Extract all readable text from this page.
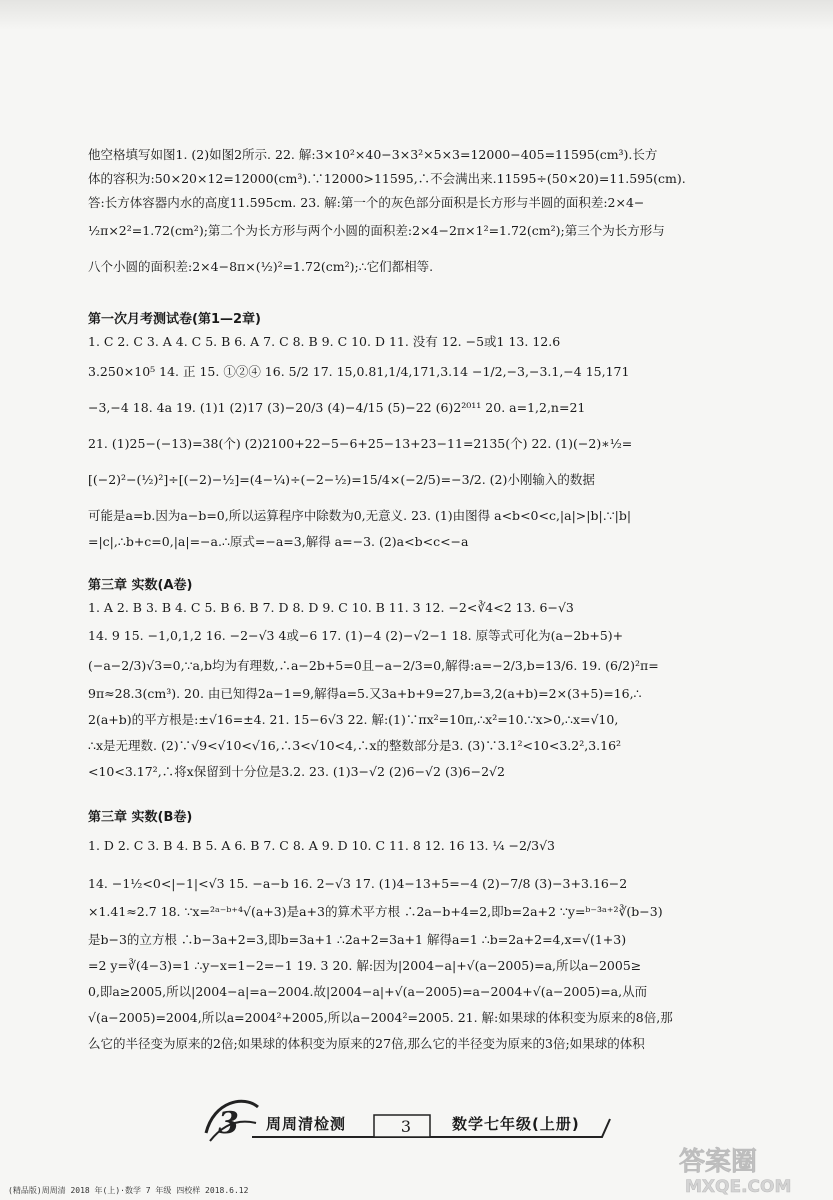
他空格填写如图1. (2)如图2所示. 22. 解:3×10²×40−3×3²×5×3=12000−405=11595(cm³).长方
体的容积为:50×20×12=12000(cm³).∵12000>11595,∴不会满出来.11595÷(50×20)=11.595(cm).
答:长方体容器内水的高度11.595cm. 23. 解:第一个的灰色部分面积是长方形与半圆的面积差:2×4−
½π×2²=1.72(cm²);第二个为长方形与两个小圆的面积差:2×4−2π×1²=1.72(cm²);第三个为长方形与
八个小圆的面积差:2×4−8π×(½)²=1.72(cm²);∴它们都相等.
第一次月考测试卷(第1—2章)
1. C 2. C 3. A 4. C 5. B 6. A 7. C 8. B 9. C 10. D 11. 没有 12. −5或1 13. 12.6
3.250×10⁵ 14. 正 15. ①②④ 16. 5/2 17. 15,0.81,1/4,171,3.14 −1/2,−3,−3.1,−4 15,171
−3,−4 18. 4a 19. (1)1 (2)17 (3)−20/3 (4)−4/15 (5)−22 (6)2²⁰¹¹ 20. a=1,2,n=21
21. (1)25−(−13)=38(个) (2)2100+22−5−6+25−13+23−11=2135(个) 22. (1)(−2)∗½=
[(−2)²−(½)²]÷[(−2)−½]=(4−¼)÷(−2−½)=15/4×(−2/5)=−3/2. (2)小刚输入的数据
可能是a=b.因为a−b=0,所以运算程序中除数为0,无意义. 23. (1)由图得 a<b<0<c,|a|>|b|.∵|b|
=|c|,∴b+c=0,|a|=−a.∴原式=−a=3,解得 a=−3. (2)a<b<c<−a
第三章 实数(A卷)
1. A 2. B 3. B 4. C 5. B 6. B 7. D 8. D 9. C 10. B 11. 3 12. −2<∛4<2 13. 6−√3
14. 9 15. −1,0,1,2 16. −2−√3 4或−6 17. (1)−4 (2)−√2−1 18. 原等式可化为(a−2b+5)+
(−a−2/3)√3=0,∵a,b均为有理数,∴a−2b+5=0且−a−2/3=0,解得:a=−2/3,b=13/6. 19. (6/2)²π=
9π≈28.3(cm³). 20. 由已知得2a−1=9,解得a=5.又3a+b+9=27,b=3,2(a+b)=2×(3+5)=16,∴
2(a+b)的平方根是:±√16=±4. 21. 15−6√3 22. 解:(1)∵πx²=10π,∴x²=10.∵x>0,∴x=√10,
∴x是无理数. (2)∵√9<√10<√16,∴3<√10<4,∴x的整数部分是3. (3)∵3.1²<10<3.2²,3.16²
<10<3.17²,∴将x保留到十分位是3.2. 23. (1)3−√2 (2)6−√2 (3)6−2√2
第三章 实数(B卷)
1. D 2. C 3. B 4. B 5. A 6. B 7. C 8. A 9. D 10. C 11. 8 12. 16 13. ¼ −2/3√3
14. −1½<0<|−1|<√3 15. −a−b 16. 2−√3 17. (1)4−13+5=−4 (2)−7/8 (3)−3+3.16−2
×1.41≈2.7 18. ∵x=²ᵃ⁻ᵇ⁺⁴√(a+3)是a+3的算术平方根 ∴2a−b+4=2,即b=2a+2 ∵y=ᵇ⁻³ᵃ⁺²∛(b−3)
是b−3的立方根 ∴b−3a+2=3,即b=3a+1 ∴2a+2=3a+1 解得a=1 ∴b=2a+2=4,x=√(1+3)
=2 y=∛(4−3)=1 ∴y−x=1−2=−1 19. 3 20. 解:因为|2004−a|+√(a−2005)=a,所以a−2005≥
0,即a≥2005,所以|2004−a|=a−2004.故|2004−a|+√(a−2005)=a−2004+√(a−2005)=a,从而
√(a−2005)=2004,所以a=2004²+2005,所以a−2004²=2005. 21. 解:如果球的体积变为原来的8倍,那
么它的半径变为原来的2倍;如果球的体积变为原来的27倍,那么它的半径变为原来的3倍;如果球的体积
3 周周清检测	3	数学七年级(上册)
(精品版)周周清 2018 年(上)·数学 7 年级 四校样 2018.6.12
答案圈
MXQE.COM
